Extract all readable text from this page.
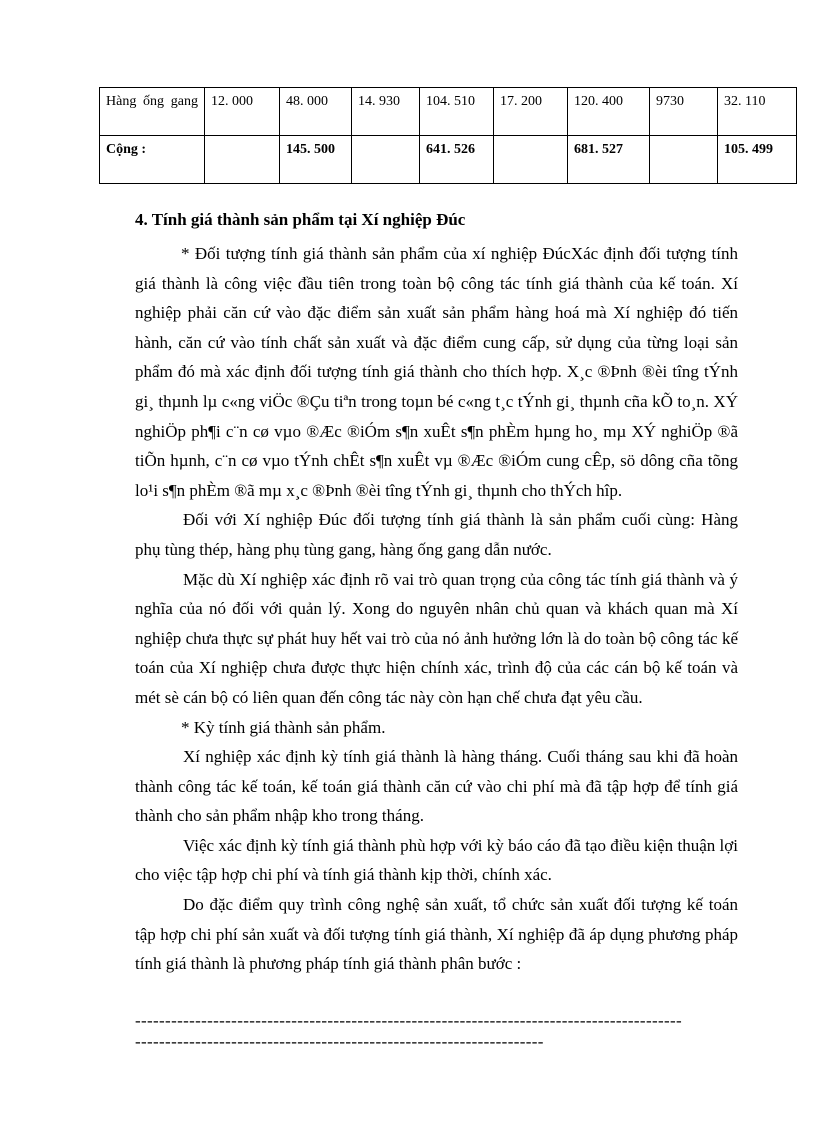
Hàng ống gang	12. 000	48. 000	14. 930	104. 510	17. 200	120. 400	9730	32. 110
Cộng :		145. 500		641. 526		681. 527		105. 499
4. Tính giá thành sản phẩm tại Xí nghiệp Đúc

* Đối tượng tính giá thành sản phẩm của xí nghiệp ĐúcXác định đối tượng tính giá thành là công việc đầu tiên trong toàn bộ công tác tính giá thành của kế toán. Xí nghiệp phải căn cứ vào đặc điểm sản xuất sản phẩm hàng hoá mà Xí nghiệp đó tiến hành, căn cứ vào tính chất sản xuất và đặc điểm cung cấp, sử dụng của từng loại sản phẩm đó mà xác định đối tượng tính giá thành cho thích hợp. X¸c ®Þnh ®èi tîng tÝnh gi¸ thµnh lµ c«ng viÖc ®Çu tiªn trong toµn bé c«ng t¸c tÝnh gi¸ thµnh cña kÕ to¸n. XÝ nghiÖp ph¶i c¨n cø vµo ®Æc ®iÓm s¶n xuÊt s¶n phÈm hµng ho¸ mµ XÝ nghiÖp ®ã tiÕn hµnh, c¨n cø vµo tÝnh chÊt s¶n xuÊt vµ ®Æc ®iÓm cung cÊp, sö dông cña tõng lo¹i s¶n phÈm ®ã mµ x¸c ®Þnh ®èi tîng tÝnh gi¸ thµnh cho thÝch hîp.

Đối với Xí nghiệp Đúc đối tượng tính giá thành là sản phẩm cuối cùng: Hàng phụ tùng thép, hàng phụ tùng gang, hàng ống gang dẫn nước.

Mặc dù Xí nghiệp xác định rõ vai trò quan trọng của công tác tính giá thành và ý nghĩa của nó đối với quản lý. Xong do nguyên nhân chủ quan và khách quan mà Xí nghiệp chưa thực sự phát huy hết vai trò của nó ảnh hưởng lớn là do toàn bộ công tác kế toán của Xí nghiệp chưa được thực hiện chính xác, trình độ của các cán bộ kế toán và mét sè cán bộ có liên quan đến công tác này còn hạn chế chưa đạt yêu cầu.

* Kỳ tính giá thành sản phẩm.

Xí nghiệp xác định kỳ tính giá thành là hàng tháng. Cuối tháng sau khi đã hoàn thành công tác kế toán, kế toán giá thành căn cứ vào chi phí mà đã tập hợp để tính giá thành cho sản phẩm nhập kho trong tháng.

Việc xác định kỳ tính giá thành phù hợp với kỳ báo cáo đã tạo điều kiện thuận lợi cho việc tập hợp chi phí và tính giá thành kịp thời, chính xác.

Do đặc điểm quy trình công nghệ sản xuất, tổ chức sản xuất đối tượng kế toán tập hợp chi phí sản xuất và đối tượng tính giá thành, Xí nghiệp đã áp dụng phương pháp tính giá thành là phương pháp tính giá thành phân bước :

-------------------------------------------------------------------------------------------
--------------------------------------------------------------------
